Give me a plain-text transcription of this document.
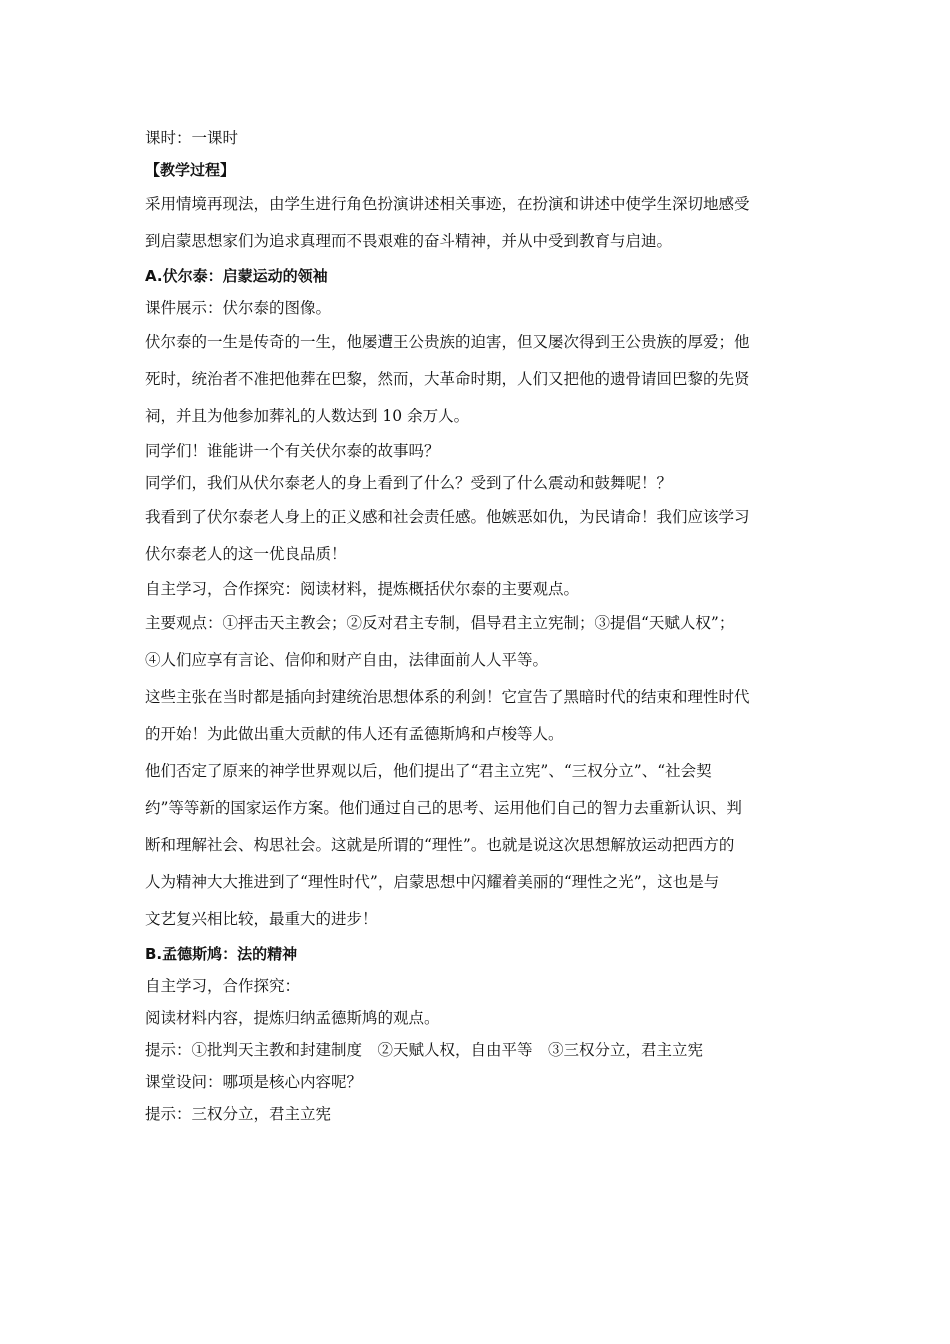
课时：一课时
【教学过程】
采用情境再现法，由学生进行角色扮演讲述相关事迹，在扮演和讲述中使学生深切地感受
到启蒙思想家们为追求真理而不畏艰难的奋斗精神，并从中受到教育与启迪。
A.伏尔泰：启蒙运动的领袖
课件展示：伏尔泰的图像。
伏尔泰的一生是传奇的一生，他屡遭王公贵族的迫害，但又屡次得到王公贵族的厚爱；他
死时，统治者不准把他葬在巴黎，然而，大革命时期，人们又把他的遗骨请回巴黎的先贤
祠，并且为他参加葬礼的人数达到 10 余万人。
同学们！谁能讲一个有关伏尔泰的故事吗？
同学们，我们从伏尔泰老人的身上看到了什么？受到了什么震动和鼓舞呢！？
我看到了伏尔泰老人身上的正义感和社会责任感。他嫉恶如仇，为民请命！我们应该学习
伏尔泰老人的这一优良品质！
自主学习，合作探究：阅读材料，提炼概括伏尔泰的主要观点。
主要观点：①抨击天主教会；②反对君主专制，倡导君主立宪制；③提倡“天赋人权”；
④人们应享有言论、信仰和财产自由，法律面前人人平等。
这些主张在当时都是插向封建统治思想体系的利剑！它宣告了黑暗时代的结束和理性时代
的开始！为此做出重大贡献的伟人还有孟德斯鸠和卢梭等人。
他们否定了原来的神学世界观以后，他们提出了“君主立宪”、“三权分立”、“社会契
约”等等新的国家运作方案。他们通过自己的思考、运用他们自己的智力去重新认识、判
断和理解社会、构思社会。这就是所谓的“理性”。也就是说这次思想解放运动把西方的
人为精神大大推进到了“理性时代”，启蒙思想中闪耀着美丽的“理性之光”，这也是与
文艺复兴相比较，最重大的进步！
B.孟德斯鸠：法的精神
自主学习，合作探究：
阅读材料内容，提炼归纳孟德斯鸠的观点。
提示：①批判天主教和封建制度　②天赋人权，自由平等　③三权分立，君主立宪
课堂设问：哪项是核心内容呢？
提示：三权分立，君主立宪
